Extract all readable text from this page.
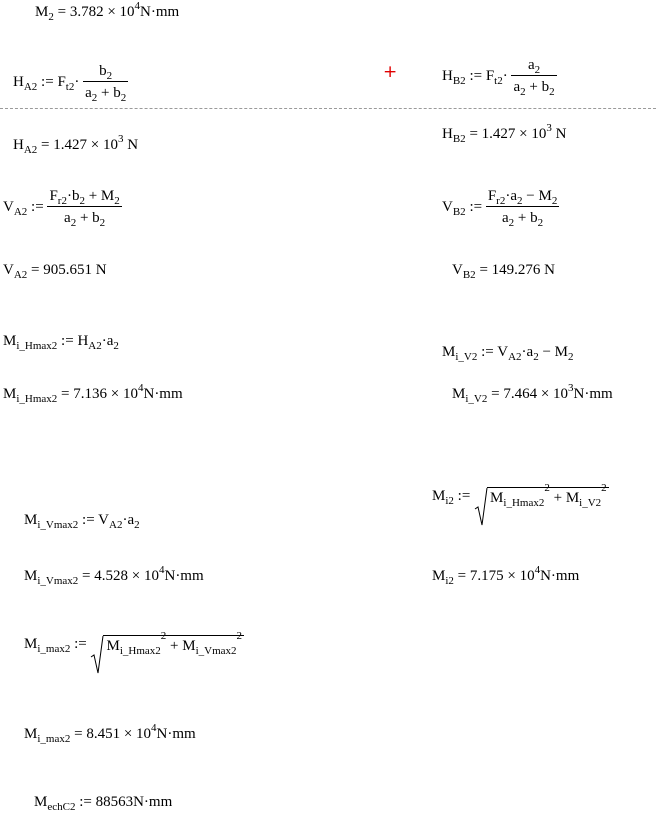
+
$M_2 = 3.782 \times 10^4N\cdot mm$
$H_{A2}$ := $F_{t2}\cdot \frac{b_2}{a_2 + b_2}$
$H_{A2} = 1.427 \times 10^3$ N
$H_{B2}$ := $F_{t2}\cdot \frac{a_2}{a_2 + b_2}$
$H_{B2} = 1.427 \times 10^3$ N
$V_{A2}$ := $\frac{F_{r2}\cdot b_2 + M_2}{a_2 + b_2}$
$V_{A2} = 905.651$ N
$V_{B2}$ := $\frac{F_{r2}\cdot a_2 - M_2}{a_2 + b_2}$
$V_{B2} = 149.276$ N
$M_{i\_Hmax2}$ := $H_{A2}\cdot a_2$
$M_{i\_Hmax2} = 7.136 \times 10^4N\cdot mm$
$M_{i\_V2}$ := $V_{A2}\cdot a_2 - M_2$
$M_{i\_V2} = 7.464 \times 10^3N\cdot mm$
$M_{i2}$ := $M_{i\_Hmax2}^2 + M_{i\_V2}^2$
$M_{i2} = 7.175 \times 10^4N\cdot mm$
$M_{i\_Vmax2}$ := $V_{A2}\cdot a_2$
$M_{i\_Vmax2} = 4.528 \times 10^4N\cdot mm$
$M_{i\_max2}$ := $M_{i\_Hmax2}^2 + M_{i\_Vmax2}^2$
$M_{i\_max2} = 8.451 \times 10^4N\cdot mm$
$M_{echC2}$ := 88563N·mm
